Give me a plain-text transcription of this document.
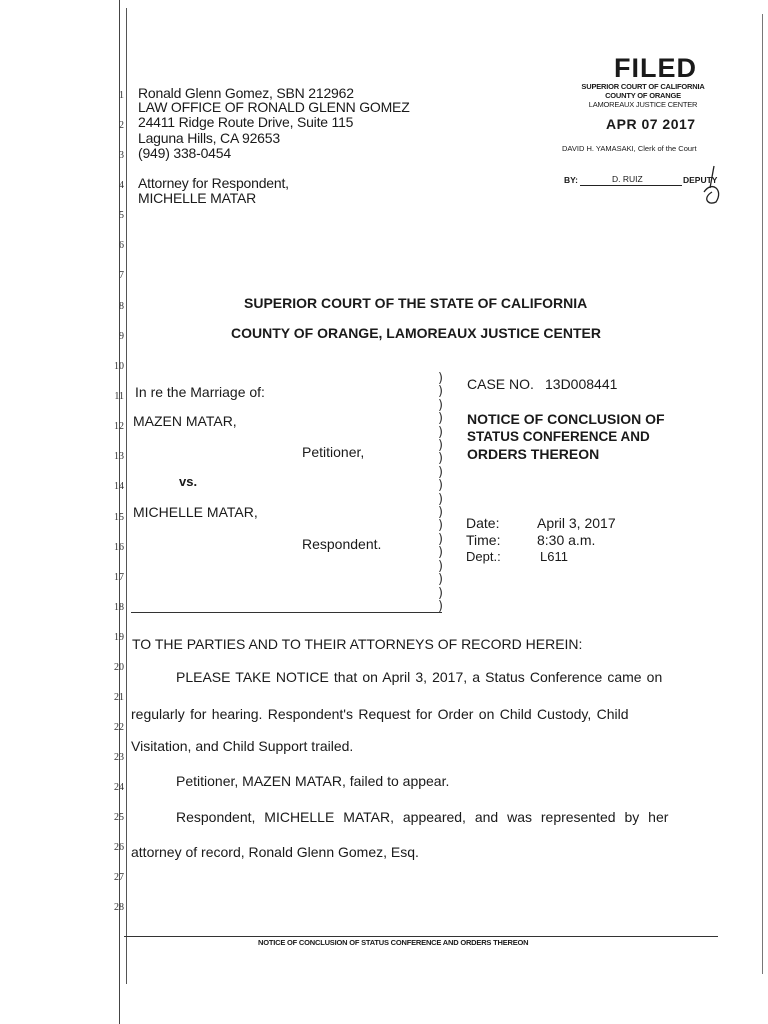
1
2
3
4
5
6
7
8
9
10
11
12
13
14
15
16
17
18
19
20
21
22
23
24
25
26
27
28
Ronald Glenn Gomez, SBN 212962
LAW OFFICE OF RONALD GLENN GOMEZ
24411 Ridge Route Drive, Suite 115
Laguna Hills, CA 92653
(949) 338-0454
Attorney for Respondent,
MICHELLE MATAR
FILED
SUPERIOR COURT OF CALIFORNIA
COUNTY OF ORANGE
LAMOREAUX JUSTICE CENTER
APR 07 2017
DAVID H. YAMASAKI, Clerk of the Court
BY:	D. RUIZ	DEPUTY
SUPERIOR COURT OF THE STATE OF CALIFORNIA
COUNTY OF ORANGE, LAMOREAUX JUSTICE CENTER
In re the Marriage of:
MAZEN MATAR,
Petitioner,
vs.
MICHELLE MATAR,
Respondent.
)
)
)
)
)
)
)
)
)
)
)
)
)
)
)
)
)
)
CASE NO. 13D008441
NOTICE OF CONCLUSION OF
STATUS CONFERENCE AND
ORDERS THEREON
Date:	April 3, 2017
Time:	8:30 a.m.
Dept.:	L611
TO THE PARTIES AND TO THEIR ATTORNEYS OF RECORD HEREIN:
PLEASE TAKE NOTICE that on April 3, 2017, a Status Conference came on
regularly for hearing. Respondent's Request for Order on Child Custody, Child
Visitation, and Child Support trailed.
Petitioner, MAZEN MATAR, failed to appear.
Respondent, MICHELLE MATAR, appeared, and was represented by her
attorney of record, Ronald Glenn Gomez, Esq.
NOTICE OF CONCLUSION OF STATUS CONFERENCE AND ORDERS THEREON
